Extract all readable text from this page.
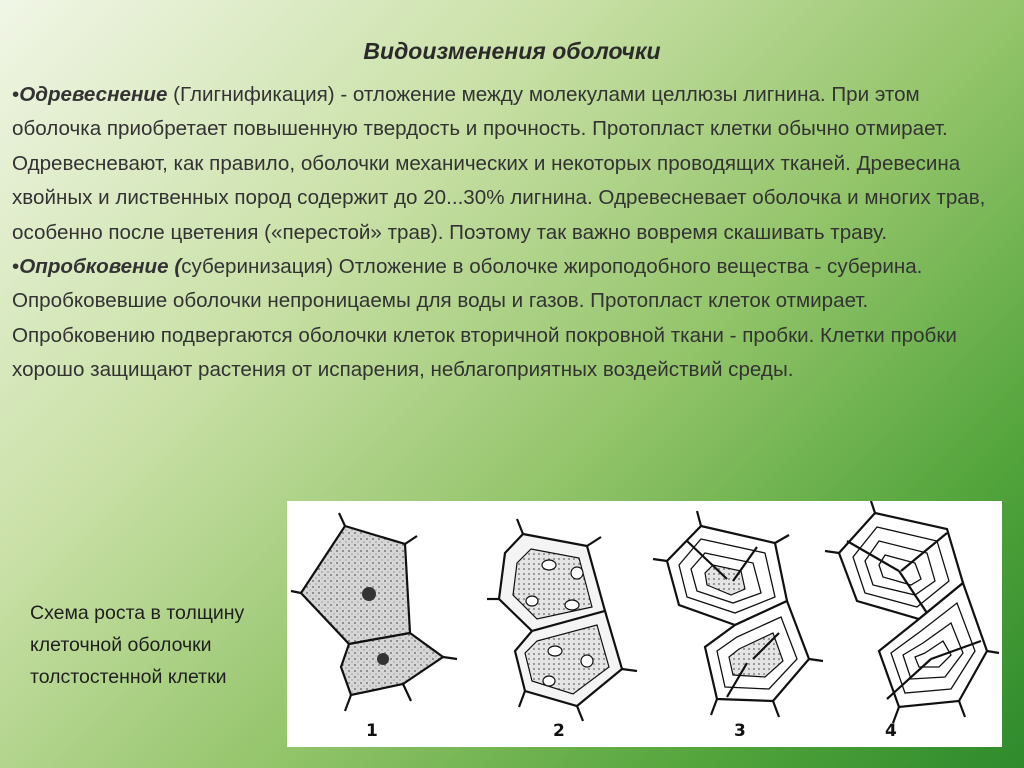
Видоизменения оболочки

•Одревеснение (Глигнификация) - отложение между молекулами целлюзы лигнина. При этом оболочка приобретает повышенную твердость и прочность. Протопласт клетки обычно отмирает. Одревесневают, как правило, оболочки механических и некоторых проводящих тканей. Древесина хвойных и лиственных пород содержит до 20...30% лигнина. Одревесневает оболочка и многих трав, особенно после цветения («перестой» трав). Поэтому так важно вовремя скашивать траву.

•Опробковение (суберинизация) Отложение в оболочке жироподобного вещества - суберина. Опробковевшие оболочки непроницаемы для воды и газов. Протопласт клеток отмирает. Опробковению подвергаются оболочки клеток вторичной покровной ткани - пробки. Клетки пробки хорошо защищают растения от испарения, неблагоприятных воздействий среды.

Схема роста в толщину
клеточной оболочки
толстостенной клетки
1	2	3	4
